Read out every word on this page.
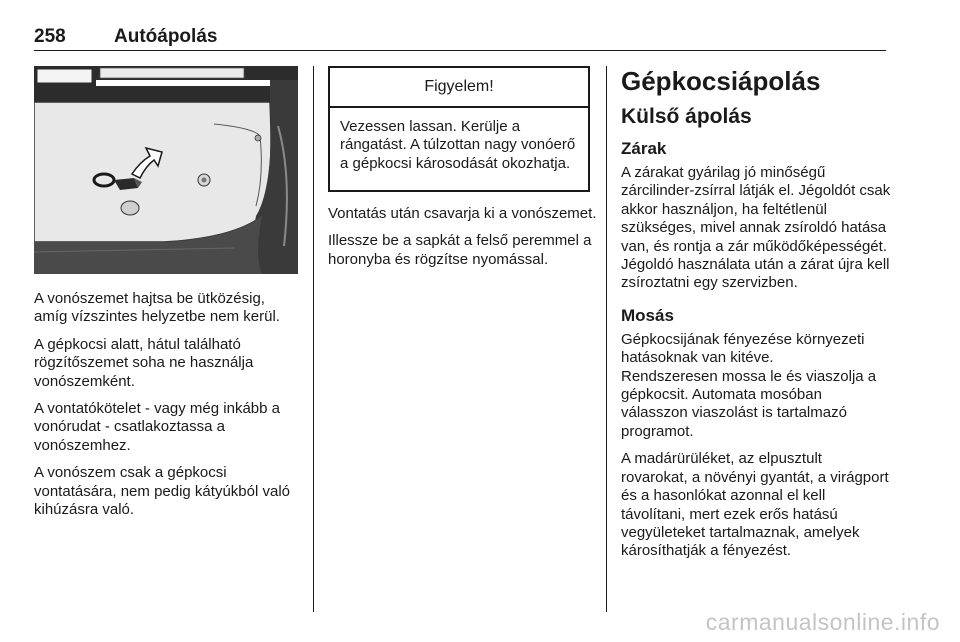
258	Autóápolás

A vonószemet hajtsa be ütközésig, amíg vízszintes helyzetbe nem kerül.

A gépkocsi alatt, hátul található rögzítőszemet soha ne használja vonószemként.

A vontatókötelet - vagy még inkább a vonórudat - csatlakoztassa a vonószemhez.

A vonószem csak a gépkocsi vontatására, nem pedig kátyúkból való kihúzásra való.

Figyelem!
Vezessen lassan. Kerülje a rángatást. A túlzottan nagy vonóerő a gépkocsi károsodását okozhatja.

Vontatás után csavarja ki a vonószemet.

Illessze be a sapkát a felső peremmel a horonyba és rögzítse nyomással.

Gépkocsiápolás
Külső ápolás
Zárak

A zárakat gyárilag jó minőségű zárcilinder-zsírral látják el. Jégoldót csak akkor használjon, ha feltétlenül szükséges, mivel annak zsíroldó hatása van, és rontja a zár működőképességét. Jégoldó használata után a zárat újra kell zsíroztatni egy szervizben.

Mosás

Gépkocsijának fényezése környezeti hatásoknak van kitéve.
Rendszeresen mossa le és viaszolja a gépkocsit. Automata mosóban válasszon viaszolást is tartalmazó programot.

A madárürüléket, az elpusztult rovarokat, a növényi gyantát, a virágport és a hasonlókat azonnal el kell távolítani, mert ezek erős hatású vegyületeket tartalmaznak, amelyek károsíthatják a fényezést.

carmanualsonline.info
